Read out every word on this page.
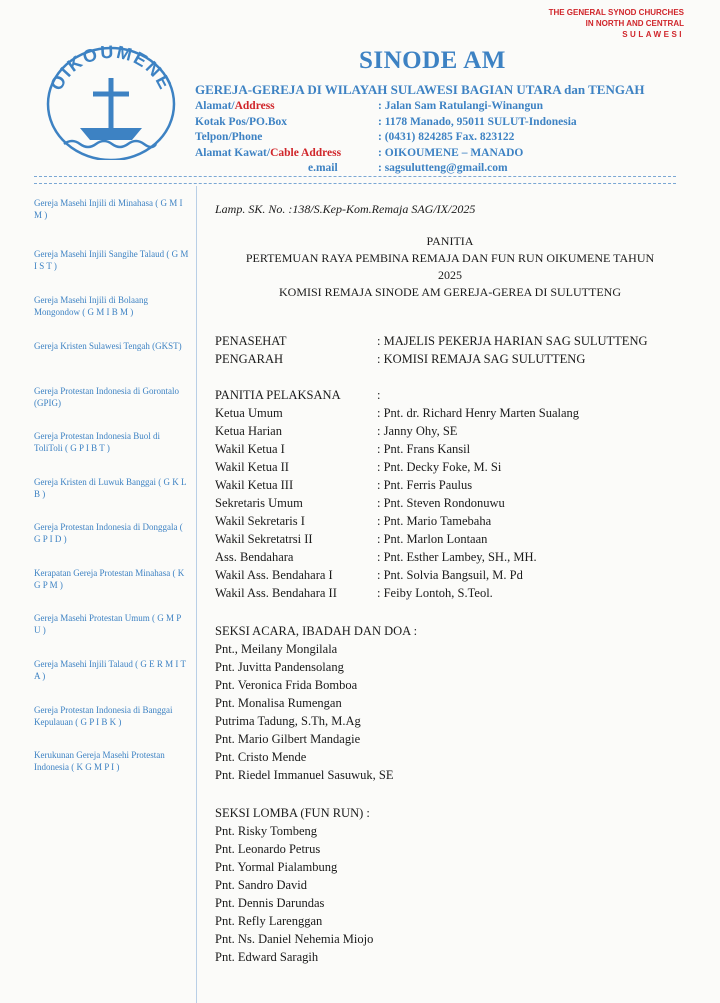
THE GENERAL SYNOD CHURCHES
IN NORTH AND CENTRAL
SULAWESI
OIKOUMENE
SINODE AM
GEREJA-GEREJA DI WILAYAH SULAWESI BAGIAN UTARA dan TENGAH
Alamat/Address	: Jalan Sam Ratulangi-Winangun
Kotak Pos/PO.Box	: 1178 Manado, 95011 SULUT-Indonesia
Telpon/Phone	: (0431) 824285 Fax. 823122
Alamat Kawat/Cable Address	: OIKOUMENE – MANADO
e.mail	: sagsulutteng@gmail.com
Gereja Masehi Injili di Minahasa ( G M I M )
Gereja Masehi Injili Sangihe Talaud ( G M I S T )
Gereja Masehi Injili di Bolaang Mongondow ( G M I B M )
Gereja Kristen Sulawesi Tengah (GKST)
Gereja Protestan Indonesia di Gorontalo (GPIG)
Gereja Protestan Indonesia Buol di ToliToli ( G P I B T )
Gereja Kristen di Luwuk Banggai ( G K L B )
Gereja Protestan Indonesia di Donggala ( G P I D )
Kerapatan Gereja Protestan Minahasa ( K G P M )
Gereja Masehi Protestan Umum ( G M P U )
Gereja Masehi Injili Talaud ( G E R M I T A )
Gereja Protestan Indonesia di Banggai Kepulauan ( G P I B K )
Kerukunan Gereja Masehi Protestan Indonesia ( K G M P I )
Lamp. SK. No. :138/S.Kep-Kom.Remaja SAG/IX/2025
PANITIA
PERTEMUAN RAYA PEMBINA REMAJA DAN FUN RUN OIKUMENE TAHUN
2025
KOMISI REMAJA SINODE AM GEREJA-GEREA DI SULUTTENG
PENASEHAT	: MAJELIS PEKERJA HARIAN SAG SULUTTENG
PENGARAH	: KOMISI REMAJA SAG SULUTTENG
PANITIA PELAKSANA	:
Ketua Umum	: Pnt. dr. Richard Henry Marten Sualang
Ketua Harian	: Janny Ohy, SE
Wakil Ketua I	: Pnt. Frans Kansil
Wakil Ketua II	: Pnt. Decky Foke, M. Si
Wakil Ketua III	: Pnt. Ferris Paulus
Sekretaris Umum	: Pnt. Steven Rondonuwu
Wakil Sekretaris I	: Pnt. Mario Tamebaha
Wakil Sekretatrsi II	: Pnt. Marlon Lontaan
Ass. Bendahara	: Pnt. Esther Lambey, SH., MH.
Wakil Ass. Bendahara I	: Pnt. Solvia Bangsuil, M. Pd
Wakil Ass. Bendahara II	: Feiby Lontoh, S.Teol.
SEKSI ACARA, IBADAH DAN DOA :
Pnt., Meilany Mongilala
Pnt. Juvitta Pandensolang
Pnt. Veronica Frida Bomboa
Pnt. Monalisa Rumengan
Putrima Tadung, S.Th, M.Ag
Pnt. Mario Gilbert Mandagie
Pnt. Cristo Mende
Pnt. Riedel Immanuel Sasuwuk, SE
SEKSI LOMBA (FUN RUN) :
Pnt. Risky Tombeng
Pnt. Leonardo Petrus
Pnt. Yormal Pialambung
Pnt. Sandro David
Pnt. Dennis Darundas
Pnt. Refly Larenggan
Pnt. Ns. Daniel Nehemia Miojo
Pnt. Edward Saragih
